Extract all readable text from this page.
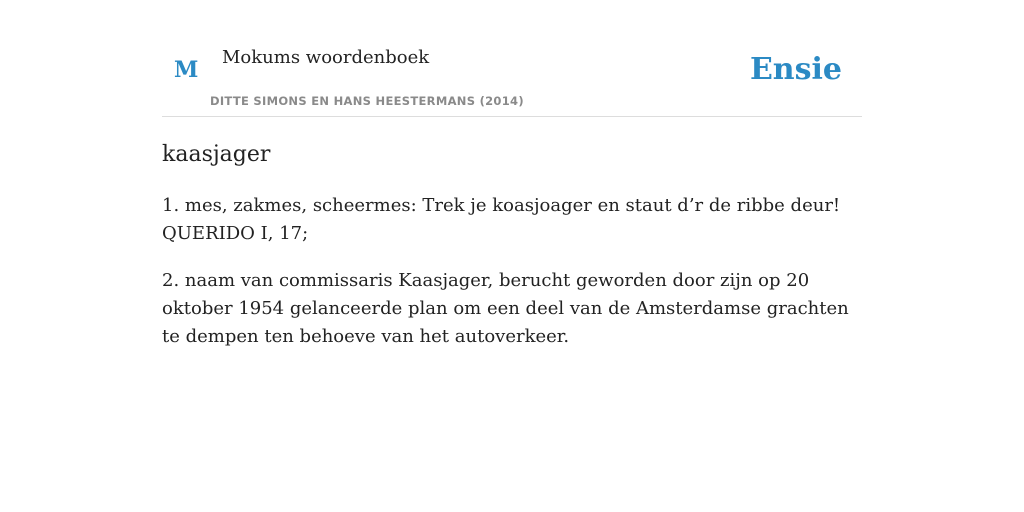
M Mokums woordenboek
DITTE SIMONS EN HANS HEESTERMANS (2014)
Ensie
kaasjager

1. mes, zakmes, scheermes: Trek je koasjoager en staut d’r de ribbe deur! QUERIDO I, 17;

2. naam van commissaris Kaasjager, berucht geworden door zijn op 20 oktober 1954 gelanceerde plan om een deel van de Amsterdamse grachten te dempen ten behoeve van het autoverkeer.
